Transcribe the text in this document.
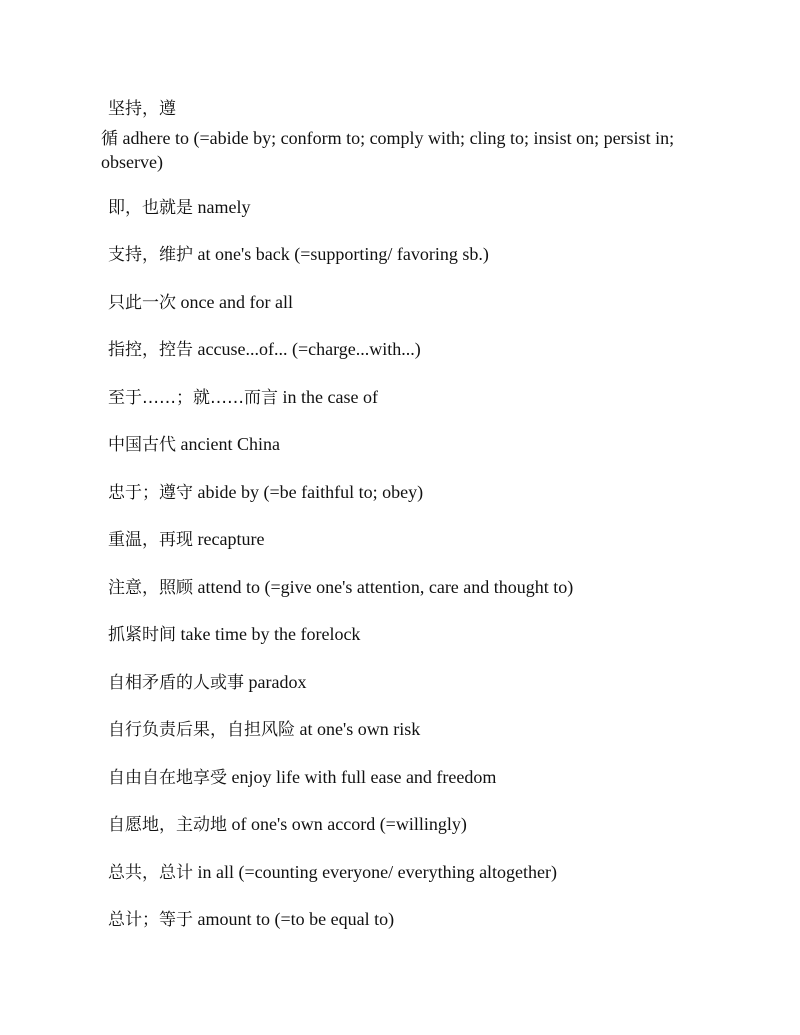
坚持，遵
循 adhere to (=abide by; conform to; comply with; cling to; insist on; persist in; observe)
即，也就是 namely
支持，维护 at one's back (=supporting/ favoring sb.)
只此一次 once and for all
指控，控告 accuse...of... (=charge...with...)
至于……；就……而言 in the case of
中国古代 ancient China
忠于；遵守 abide by (=be faithful to; obey)
重温，再现 recapture
注意，照顾 attend to (=give one's attention, care and thought to)
抓紧时间 take time by the forelock
自相矛盾的人或事 paradox
自行负责后果，自担风险 at one's own risk
自由自在地享受 enjoy life with full ease and freedom
自愿地，主动地 of one's own accord (=willingly)
总共，总计 in all (=counting everyone/ everything altogether)
总计；等于 amount to (=to be equal to)
